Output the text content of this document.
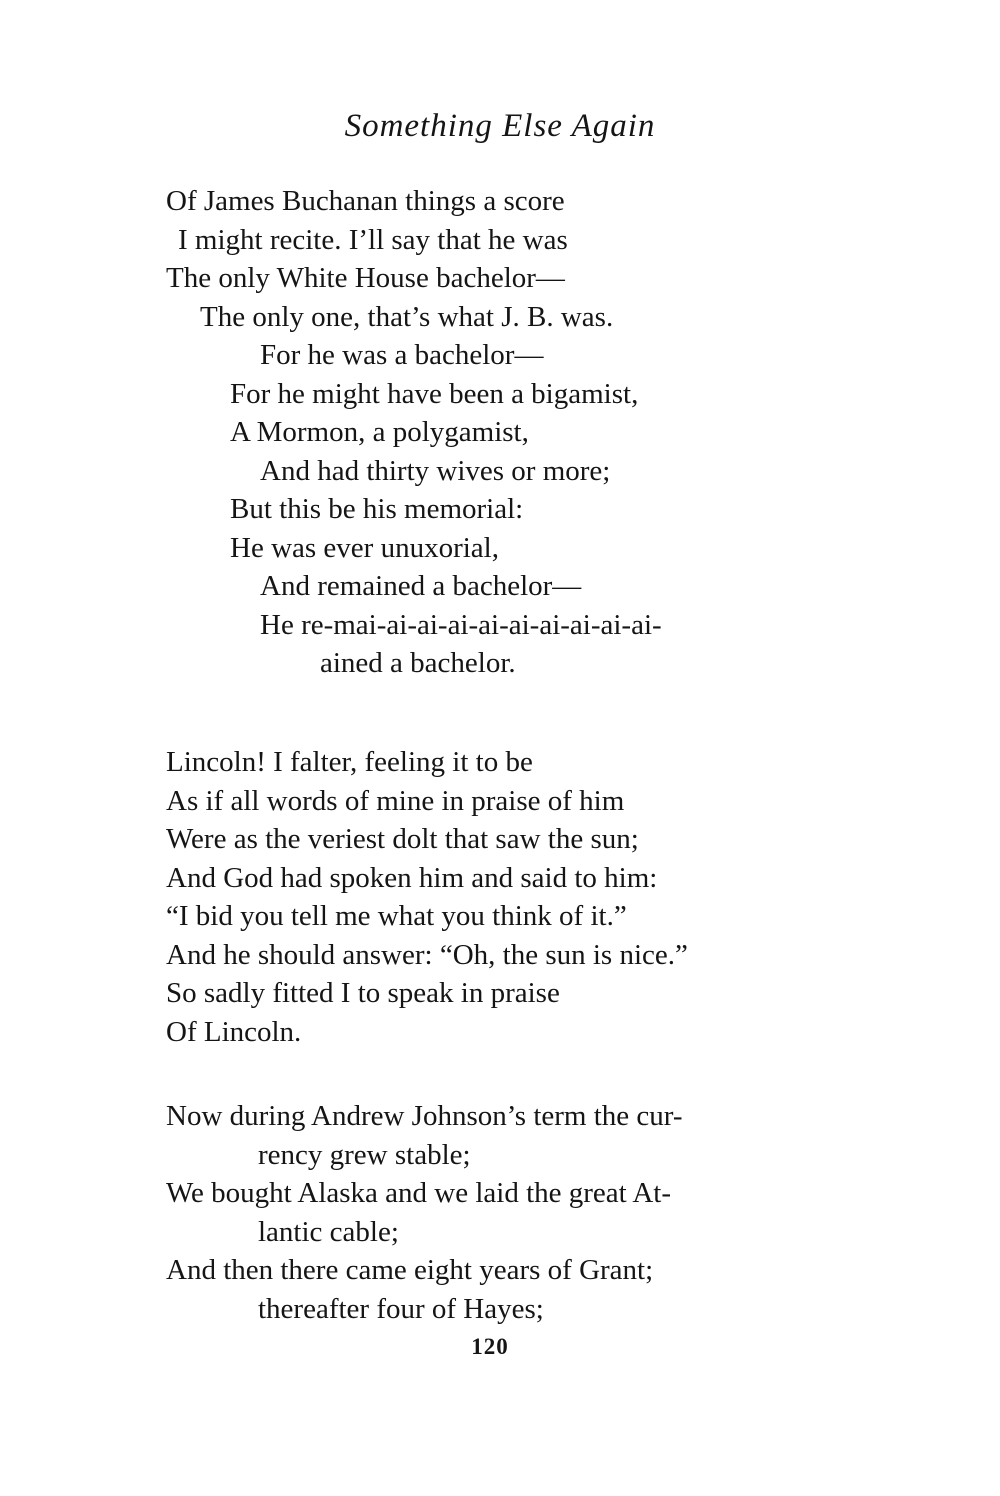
Something Else Again
Of James Buchanan things a score
I might recite. I’ll say that he was
The only White House bachelor—
The only one, that’s what J. B. was.
For he was a bachelor—
For he might have been a bigamist,
A Mormon, a polygamist,
And had thirty wives or more;
But this be his memorial:
He was ever unuxorial,
And remained a bachelor—
He re-mai-ai-ai-ai-ai-ai-ai-ai-ai-ai-
ained a bachelor.
Lincoln! I falter, feeling it to be
As if all words of mine in praise of him
Were as the veriest dolt that saw the sun;
And God had spoken him and said to him:
“I bid you tell me what you think of it.”
And he should answer: “Oh, the sun is nice.”
So sadly fitted I to speak in praise
Of Lincoln.
Now during Andrew Johnson’s term the cur-
rency grew stable;
We bought Alaska and we laid the great At-
lantic cable;
And then there came eight years of Grant;
thereafter four of Hayes;
120
